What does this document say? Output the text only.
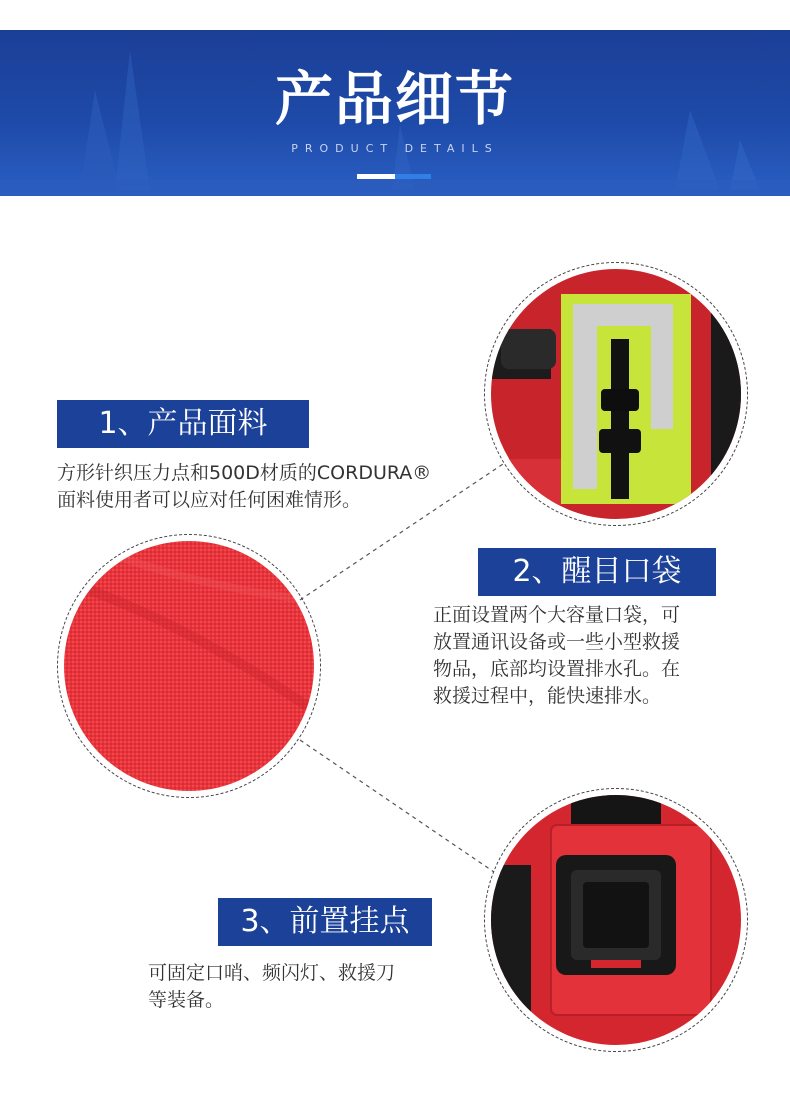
产品细节
PRODUCT DETAILS
1、产品面料
方形针织压力点和500D材质的CORDURA®
面料使用者可以应对任何困难情形。
2、醒目口袋
正面设置两个大容量口袋，可
放置通讯设备或一些小型救援
物品，底部均设置排水孔。在
救援过程中，能快速排水。
3、前置挂点
可固定口哨、频闪灯、救援刀
等装备。
